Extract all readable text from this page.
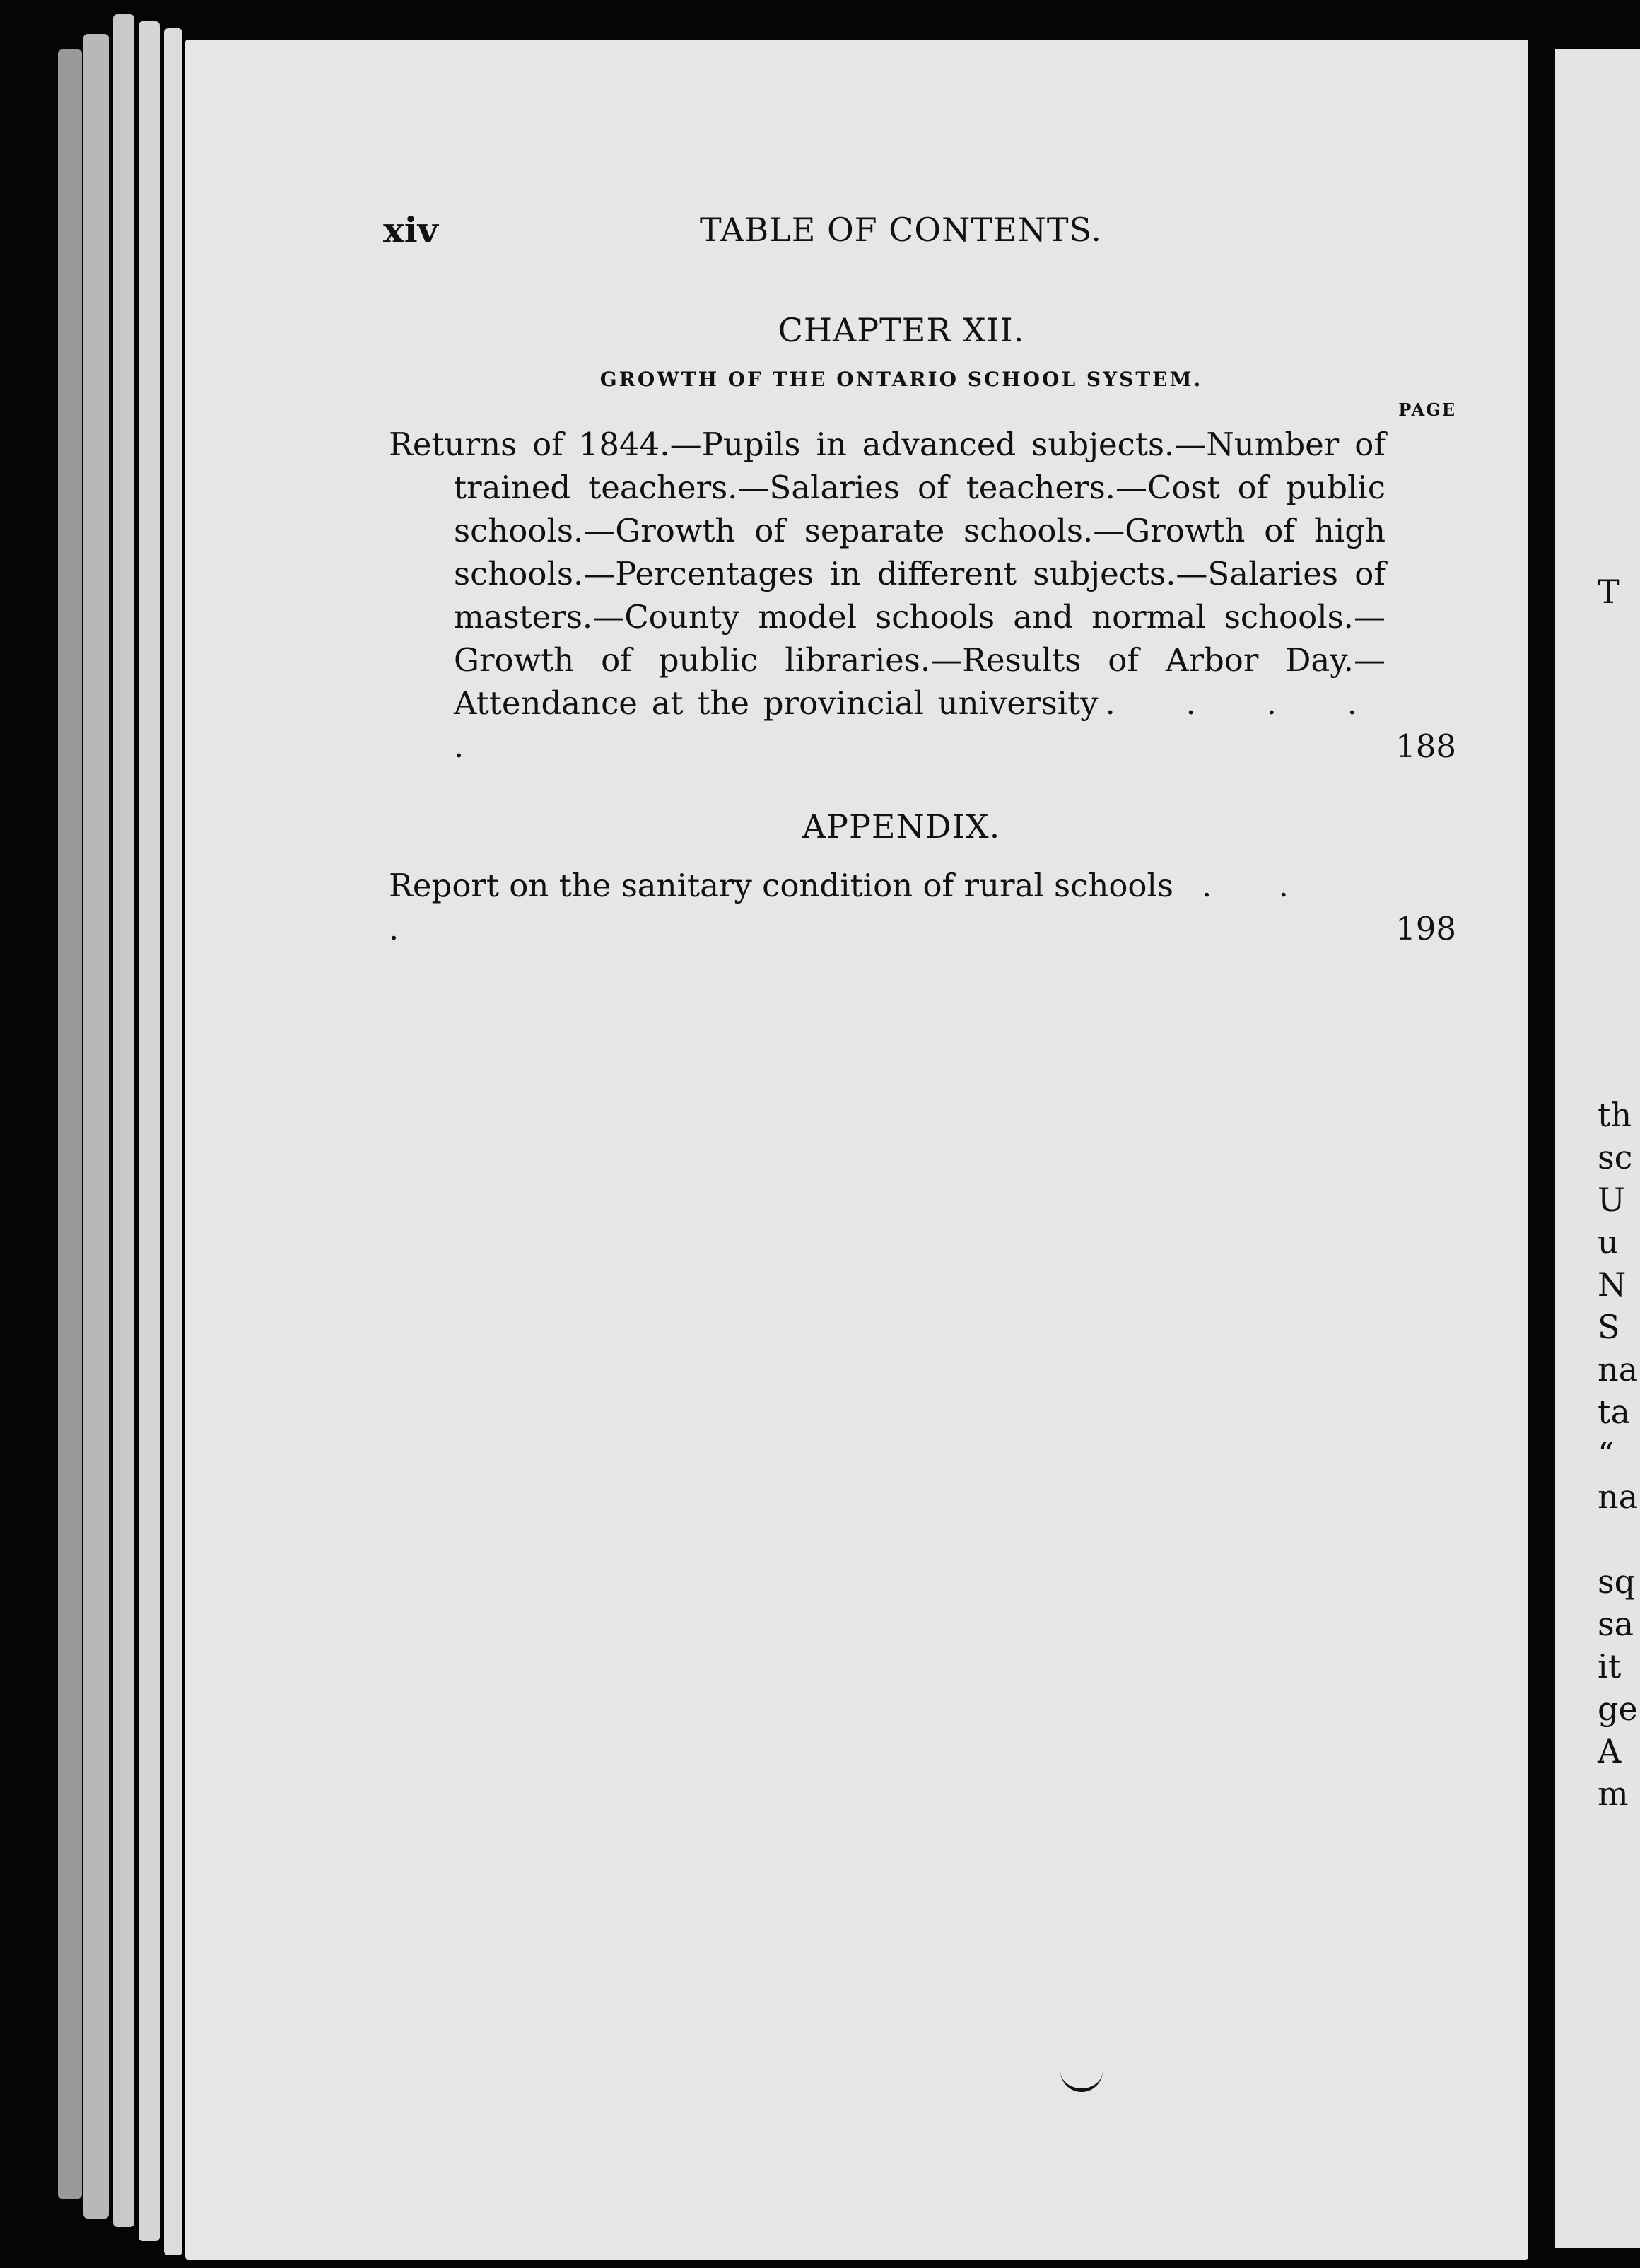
T
th
sc
U
u
N
S
na
ta
“
na
sq
sa
it
ge
A
m
xiv	TABLE OF CONTENTS.
CHAPTER XII.
GROWTH OF THE ONTARIO SCHOOL SYSTEM.
PAGE
Returns of 1844.—Pupils in advanced subjects.—Number of trained teachers.—Salaries of teachers.—Cost of public schools.—Growth of separate schools.—Growth of high schools.—Percentages in different subjects.—Salaries of masters.—County model schools and normal schools.—Growth of public libraries.—Results of Arbor Day.—Attendance at the provincial university . . . . .	188
APPENDIX.
Report on the sanitary condition of rural schools . . .	198
